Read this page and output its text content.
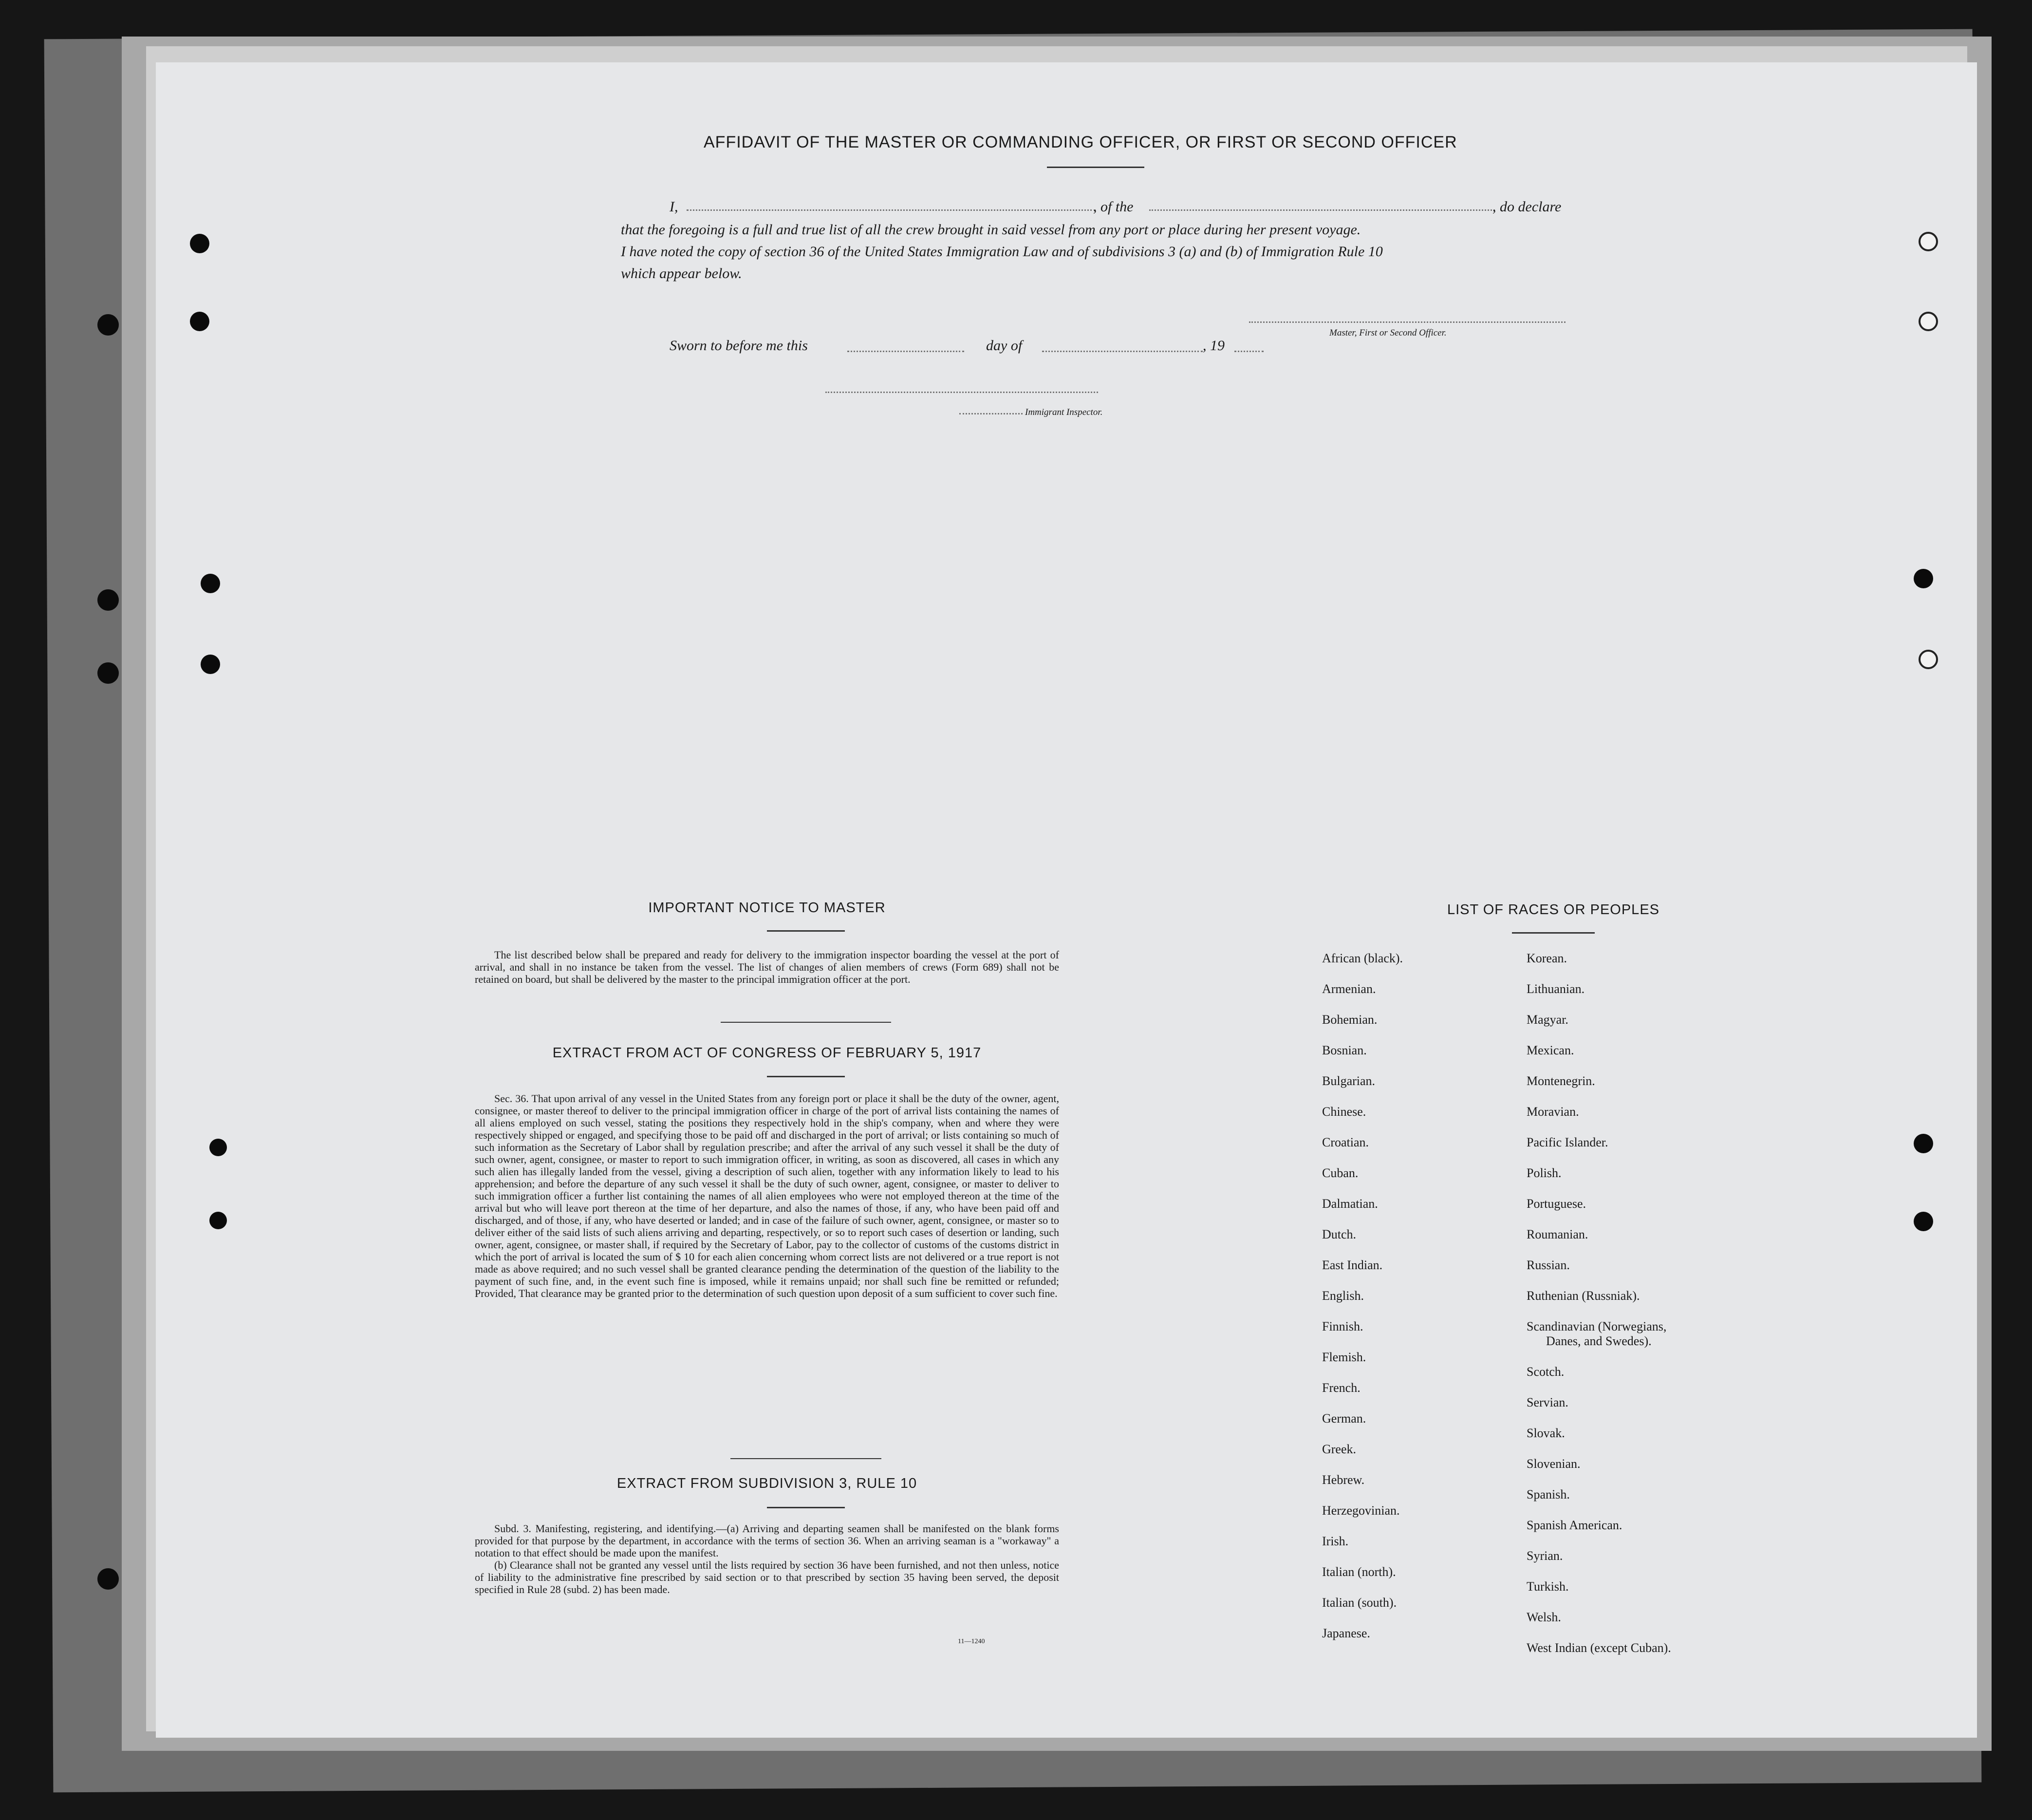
AFFIDAVIT OF THE MASTER OR COMMANDING OFFICER, OR FIRST OR SECOND OFFICER
I,	, of the	, do declare
that the foregoing is a full and true list of all the crew brought in said vessel from any port or place during her present voyage.
I have noted the copy of section 36 of the United States Immigration Law and of subdivisions 3 (a) and (b) of Immigration Rule 10
which appear below.
Master, First or Second Officer.
Sworn to before me this	day of	, 19
Immigrant Inspector.
IMPORTANT NOTICE TO MASTER
The list described below shall be prepared and ready for delivery to the immigration inspector boarding the vessel at the port of arrival, and shall in no instance be taken from the vessel. The list of changes of alien members of crews (Form 689) shall not be retained on board, but shall be delivered by the master to the principal immigration officer at the port.
EXTRACT FROM ACT OF CONGRESS OF FEBRUARY 5, 1917
Sec. 36. That upon arrival of any vessel in the United States from any foreign port or place it shall be the duty of the owner, agent, consignee, or master thereof to deliver to the principal immigration officer in charge of the port of arrival lists containing the names of all aliens employed on such vessel, stating the positions they respectively hold in the ship's company, when and where they were respectively shipped or engaged, and specifying those to be paid off and discharged in the port of arrival; or lists containing so much of such information as the Secretary of Labor shall by regulation prescribe; and after the arrival of any such vessel it shall be the duty of such owner, agent, consignee, or master to report to such immigration officer, in writing, as soon as discovered, all cases in which any such alien has illegally landed from the vessel, giving a description of such alien, together with any information likely to lead to his apprehension; and before the departure of any such vessel it shall be the duty of such owner, agent, consignee, or master to deliver to such immigration officer a further list containing the names of all alien employees who were not employed thereon at the time of the arrival but who will leave port thereon at the time of her departure, and also the names of those, if any, who have been paid off and discharged, and of those, if any, who have deserted or landed; and in case of the failure of such owner, agent, consignee, or master so to deliver either of the said lists of such aliens arriving and departing, respectively, or so to report such cases of desertion or landing, such owner, agent, consignee, or master shall, if required by the Secretary of Labor, pay to the collector of customs of the customs district in which the port of arrival is located the sum of $ 10 for each alien concerning whom correct lists are not delivered or a true report is not made as above required; and no such vessel shall be granted clearance pending the determination of the question of the liability to the payment of such fine, and, in the event such fine is imposed, while it remains unpaid; nor shall such fine be remitted or refunded; Provided, That clearance may be granted prior to the determination of such question upon deposit of a sum sufficient to cover such fine.
EXTRACT FROM SUBDIVISION 3, RULE 10

Subd. 3. Manifesting, registering, and identifying.—(a) Arriving and departing seamen shall be manifested on the blank forms provided for that purpose by the department, in accordance with the terms of section 36. When an arriving seaman is a "workaway" a notation to that effect should be made upon the manifest.

(b) Clearance shall not be granted any vessel until the lists required by section 36 have been furnished, and not then unless, notice of liability to the administrative fine prescribed by said section or to that prescribed by section 35 having been served, the deposit specified in Rule 28 (subd. 2) has been made.

11—1240
LIST OF RACES OR PEOPLES
African (black).
Armenian.
Bohemian.
Bosnian.
Bulgarian.
Chinese.
Croatian.
Cuban.
Dalmatian.
Dutch.
East Indian.
English.
Finnish.
Flemish.
French.
German.
Greek.
Hebrew.
Herzegovinian.
Irish.
Italian (north).
Italian (south).
Japanese.
Korean.
Lithuanian.
Magyar.
Mexican.
Montenegrin.
Moravian.
Pacific Islander.
Polish.
Portuguese.
Roumanian.
Russian.
Ruthenian (Russniak).
Scandinavian (Norwegians,
Danes, and Swedes).
Scotch.
Servian.
Slovak.
Slovenian.
Spanish.
Spanish American.
Syrian.
Turkish.
Welsh.
West Indian (except Cuban).
